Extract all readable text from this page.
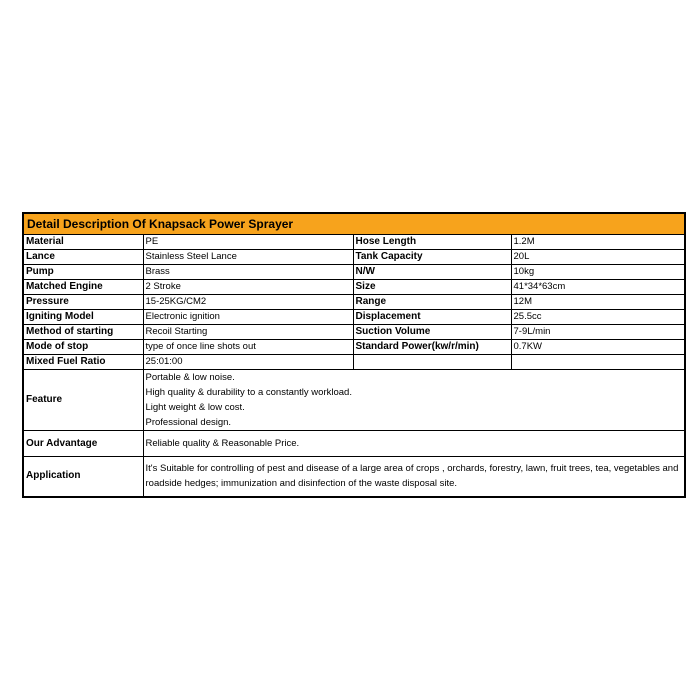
Detail Description Of Knapsack Power Sprayer			
Material	PE	Hose Length	1.2M
Lance	Stainless Steel Lance	Tank Capacity	20L
Pump	Brass	N/W	10kg
Matched Engine	2 Stroke	Size	41*34*63cm
Pressure	15-25KG/CM2	Range	12M
Igniting Model	Electronic ignition	Displacement	25.5cc
Method of starting	Recoil Starting	Suction Volume	7-9L/min
Mode of stop	type of once line shots out	Standard Power(kw/r/min)	0.7KW
Mixed Fuel Ratio	25:01:00		
Feature	Portable & low noise.
High quality & durability to a constantly workload.
Light weight & low cost.
Professional design.		

Our Advantage	Reliable quality & Reasonable Price.		
Application	It's Suitable for controlling of pest and disease of a large area of crops , orchards, forestry, lawn, fruit trees, tea, vegetables and roadside hedges; immunization and disinfection of the waste disposal site.		
